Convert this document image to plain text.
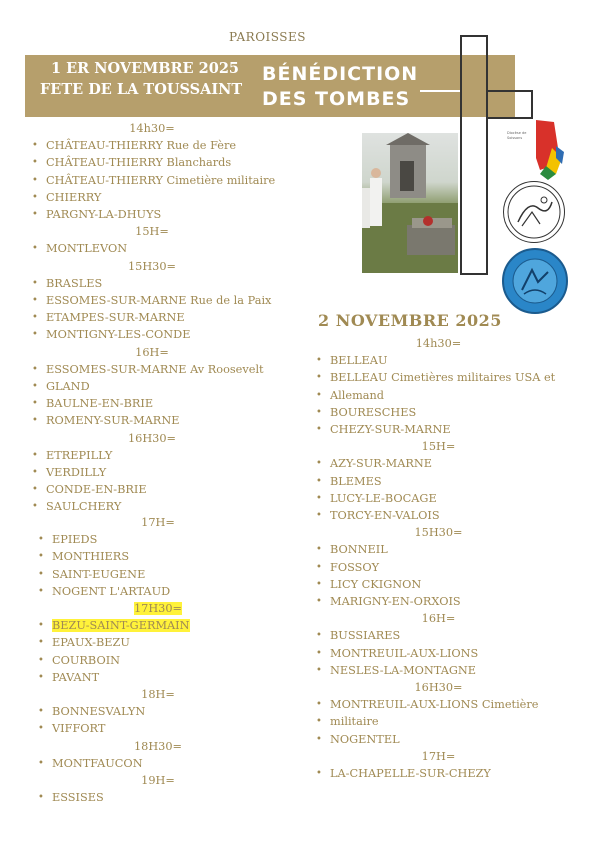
PAROISSES
1 ER NOVEMBRE 2025
FETE DE LA TOUSSAINT
BÉNÉDICTION
DES TOMBES
Diocèse de
Soissons
14h30=
• CHÂTEAU-THIERRY Rue de Fère
• CHÂTEAU-THIERRY Blanchards
• CHÂTEAU-THIERRY Cimetière militaire
• CHIERRY
• PARGNY-LA-DHUYS
15H=
• MONTLEVON
15H30=
• BRASLES
• ESSOMES-SUR-MARNE Rue de la Paix
• ETAMPES-SUR-MARNE
• MONTIGNY-LES-CONDE
16H=
• ESSOMES-SUR-MARNE Av Roosevelt
• GLAND
• BAULNE-EN-BRIE
• ROMENY-SUR-MARNE
16H30=
• ETREPILLY
• VERDILLY
• CONDE-EN-BRIE
• SAULCHERY
17H=
• EPIEDS
• MONTHIERS
• SAINT-EUGENE
• NOGENT L'ARTAUD
17H30=
• BEZU-SAINT-GERMAIN
• EPAUX-BEZU
• COURBOIN
• PAVANT
18H=
• BONNESVALYN
• VIFFORT
18H30=
• MONTFAUCON
19H=
• ESSISES
2 NOVEMBRE 2025
14h30=
• BELLEAU
• BELLEAU Cimetières militaires USA et
• Allemand
• BOURESCHES
• CHEZY-SUR-MARNE
15H=
• AZY-SUR-MARNE
• BLEMES
• LUCY-LE-BOCAGE
• TORCY-EN-VALOIS
15H30=
• BONNEIL
• FOSSOY
• LICY CKIGNON
• MARIGNY-EN-ORXOIS
16H=
• BUSSIARES
• MONTREUIL-AUX-LIONS
• NESLES-LA-MONTAGNE
16H30=
• MONTREUIL-AUX-LIONS Cimetière
• militaire
• NOGENTEL
17H=
• LA-CHAPELLE-SUR-CHEZY
